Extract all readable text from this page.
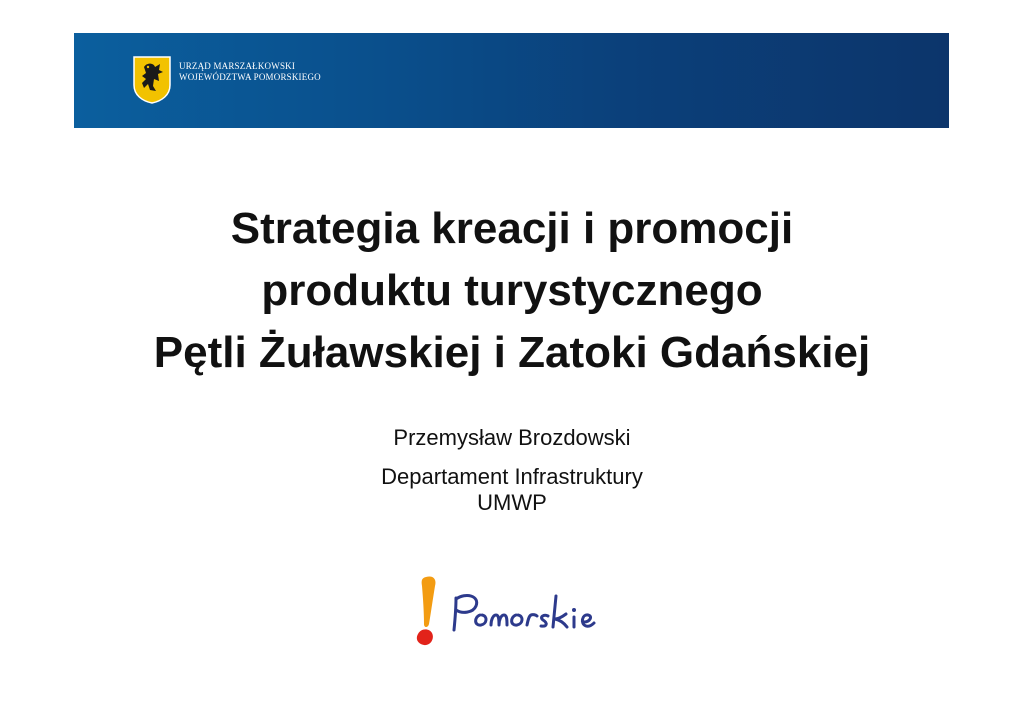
URZĄD MARSZAŁKOWSKI
WOJEWÓDZTWA POMORSKIEGO
Strategia kreacji i promocji
produktu turystycznego
Pętli Żuławskiej i Zatoki Gdańskiej
Przemysław Brozdowski
Departament Infrastruktury
UMWP
